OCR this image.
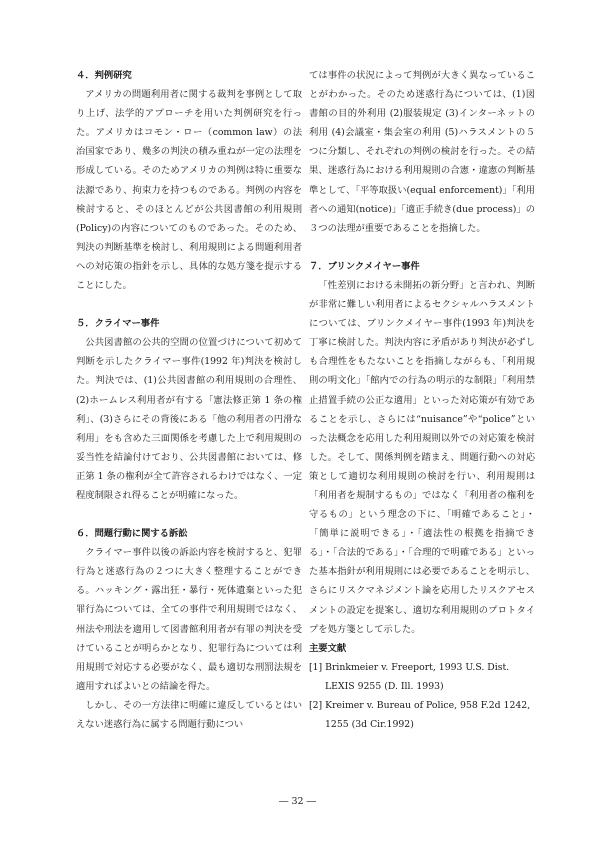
４．判例研究

アメリカの問題利用者に関する裁判を事例として取り上げ、法学的アプローチを用いた判例研究を行った。アメリカはコモン・ロー（common law）の法治国家であり、幾多の判決の積み重ねが一定の法理を形成している。そのためアメリカの判例は特に重要な法源であり、拘束力を持つものである。判例の内容を検討すると、そのほとんどが公共図書館の利用規則(Policy)の内容についてのものであった。そのため、判決の判断基準を検討し、利用規則による問題利用者への対応策の指針を示し、具体的な処方箋を提示することにした。

５．クライマー事件

公共図書館の公共的空間の位置づけについて初めて判断を示したクライマー事件(1992 年)判決を検討した。判決では、(1)公共図書館の利用規則の合理性、(2)ホームレス利用者が有する「憲法修正第 1 条の権利」、(3)さらにその背後にある「他の利用者の円滑な利用」をも含めた三面関係を考慮した上で利用規則の妥当性を結論付けており、公共図書館においては、修正第 1 条の権利が全て許容されるわけではなく、一定程度制限され得ることが明確になった。

６．問題行動に関する訴訟

クライマー事件以後の訴訟内容を検討すると、犯罪行為と迷惑行為の２つに大きく整理することができる。ハッキング・露出狂・暴行・死体遺棄といった犯罪行為については、全ての事件で利用規則ではなく、州法や刑法を適用して図書館利用者が有罪の判決を受けていることが明らかとなり、犯罪行為については利用規則で対応する必要がなく、最も適切な刑罰法規を適用すればよいとの結論を得た。

しかし、その一方法律に明確に違反しているとはいえない迷惑行為に属する問題行動につい

ては事件の状況によって判例が大きく異なっていることがわかった。そのため迷惑行為については、(1)図書館の目的外利用 (2)服装規定 (3)インターネットの利用 (4)会議室・集会室の利用 (5)ハラスメントの５つに分類し、それぞれの判例の検討を行った。その結果、迷惑行為における利用規則の合憲・違憲の判断基準として、「平等取扱い(equal enforcement)」「利用者への通知(notice)」「適正手続き(due process)」の３つの法理が重要であることを指摘した。

７．ブリンクメイヤー事件

「性差別における未開拓の新分野」と言われ、判断が非常に難しい利用者によるセクシャルハラスメントについては、ブリンクメイヤー事件(1993 年)判決を丁寧に検討した。判決内容に矛盾があり判決が必ずしも合理性をもたないことを指摘しながらも、「利用規則の明文化」「館内での行為の明示的な制限」「利用禁止措置手続の公正な適用」といった対応策が有効であることを示し、さらには“nuisance”や“police”といった法概念を応用した利用規則以外での対応策を検討した。そして、関係判例を踏まえ、問題行動への対応策として適切な利用規則の検討を行い、利用規則は「利用者を規制するもの」ではなく「利用者の権利を守るもの」という理念の下に、「明確であること」・「簡単に説明できる」・「適法性の根拠を指摘できる」・「合法的である」・「合理的で明確である」といった基本指針が利用規則には必要であることを明示し、さらにリスクマネジメント論を応用したリスクアセスメントの設定を提案し、適切な利用規則のプロトタイプを処方箋として示した。

主要文献

[1] Brinkmeier v. Freeport, 1993 U.S. Dist. LEXIS 9255 (D. Ill. 1993)

[2] Kreimer v. Bureau of Police, 958 F.2d 1242, 1255 (3d Cir.1992)

― 32 ―
